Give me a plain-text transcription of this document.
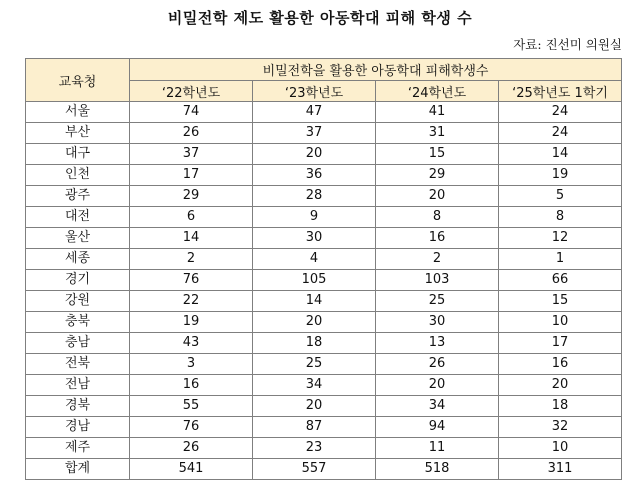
비밀전학 제도 활용한 아동학대 피해 학생 수
자료: 진선미 의원실
교육청	비밀전학을 활용한 아동학대 피해학생수			
	‘22학년도	‘23학년도	‘24학년도	‘25학년도 1학기
서울	74	47	41	24
부산	26	37	31	24
대구	37	20	15	14
인천	17	36	29	19
광주	29	28	20	5
대전	6	9	8	8
울산	14	30	16	12
세종	2	4	2	1
경기	76	105	103	66
강원	22	14	25	15
충북	19	20	30	10
충남	43	18	13	17
전북	3	25	26	16
전남	16	34	20	20
경북	55	20	34	18
경남	76	87	94	32
제주	26	23	11	10
합계	541	557	518	311
